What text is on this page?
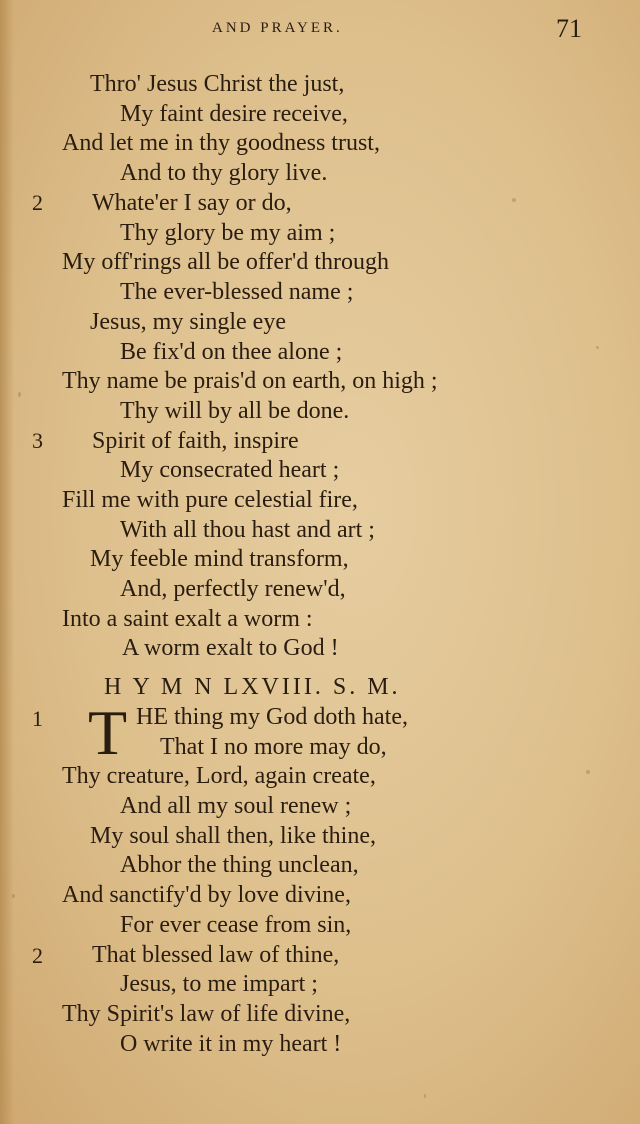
AND PRAYER.	71
Thro' Jesus Christ the just,
My faint desire receive,
And let me in thy goodness trust,
And to thy glory live.
2 Whate'er I say or do,
Thy glory be my aim ;
My off'rings all be offer'd through
The ever-blessed name ;
Jesus, my single eye
Be fix'd on thee alone ;
Thy name be prais'd on earth, on high ;
Thy will by all be done.
3 Spirit of faith, inspire
My consecrated heart ;
Fill me with pure celestial fire,
With all thou hast and art ;
My feeble mind transform,
And, perfectly renew'd,
Into a saint exalt a worm :
A worm exalt to God !
H Y M N LXVIII. S. M.
1 T HE thing my God doth hate,
That I no more may do,
Thy creature, Lord, again create,
And all my soul renew ;
My soul shall then, like thine,
Abhor the thing unclean,
And sanctify'd by love divine,
For ever cease from sin,
2 That blessed law of thine,
Jesus, to me impart ;
Thy Spirit's law of life divine,
O write it in my heart !
